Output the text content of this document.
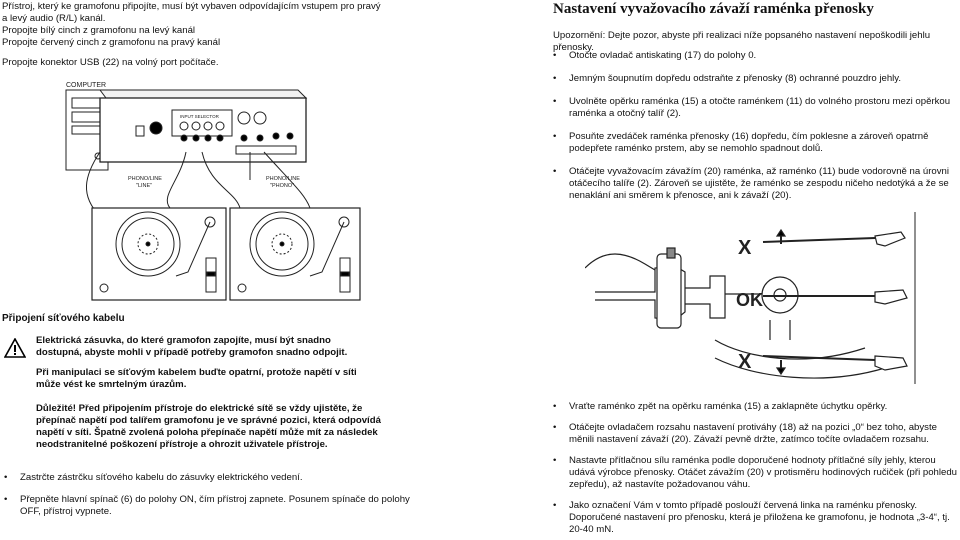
Přístroj, který ke gramofonu připojíte, musí být vybaven odpovídajícím vstupem pro pravý

a levý audio (R/L) kanál.

Propojte bílý cinch z gramofonu na levý kanál

Propojte červený cinch z gramofonu na pravý kanál

Propojte konektor USB (22) na volný port počítače.

COMPUTER
INPUT SELECTOR
PHONO/LINE
"LINE"
PHONO/LINE
"PHONO"

Připojení síťového kabelu

Elektrická zásuvka, do které gramofon zapojíte, musí být snadno dostupná, abyste mohli v případě potřeby gramofon snadno odpojit.

Při manipulaci se síťovým kabelem buďte opatrní, protože napětí v síti může vést ke smrtelným úrazům.

Důležité! Před připojením přístroje do elektrické sítě se vždy ujistěte, že přepínač napětí pod talířem gramofonu je ve správné pozici, která odpovídá napětí v síti. Špatně zvolená poloha přepínače napětí může mít za následek neodstranitelné poškození přístroje a ohrozit uživatele přístroje.

• Zastrčte zástrčku síťového kabelu do zásuvky elektrického vedení.
• Přepněte hlavní spínač (6) do polohy ON, čím přístroj zapnete. Posunem spínače do polohy OFF, přístroj vypnete.

Nastavení vyvažovacího závaží raménka přenosky

Upozornění: Dejte pozor, abyste při realizaci níže popsaného nastavení nepoškodili jehlu přenosky.

• Otočte ovladač antiskating (17) do polohy 0.
• Jemným šoupnutím dopředu odstraňte z přenosky (8) ochranné pouzdro jehly.
• Uvolněte opěrku raménka (15) a otočte raménkem (11) do volného prostoru mezi opěrkou raménka a otočný talíř (2).
• Posuňte zvedáček raménka přenosky (16) dopředu, čím poklesne a zároveň opatrně podepřete raménko prstem, aby se nemohlo spadnout dolů.
• Otáčejte vyvažovacím závažím (20) raménka, až raménko (11) bude vodorovně na úrovni otáčecího talíře (2). Zároveň se ujistěte, že raménko se zespodu ničeho nedotýká a že se nenaklání ani směrem k přenosce, ani k závaží (20).
X
OK
X
• Vraťte raménko zpět na opěrku raménka (15) a zaklapněte úchytku opěrky.
• Otáčejte ovladačem rozsahu nastavení protiváhy (18) až na pozici „0“ bez toho, abyste měnili nastavení závaží (20). Závaží pevně držte, zatímco točíte ovladačem rozsahu.
• Nastavte přítlačnou sílu raménka podle doporučené hodnoty přítlačné síly jehly, kterou udává výrobce přenosky. Otáčet závažím (20) v protisměru hodinových ručiček (při pohledu zepředu), až nastavíte požadovanou váhu.
• Jako označení Vám v tomto případě poslouží červená linka na raménku přenosky. Doporučené nastavení pro přenosku, která je přiložena ke gramofonu, je hodnota „3-4“, tj. 20-40 mN.
